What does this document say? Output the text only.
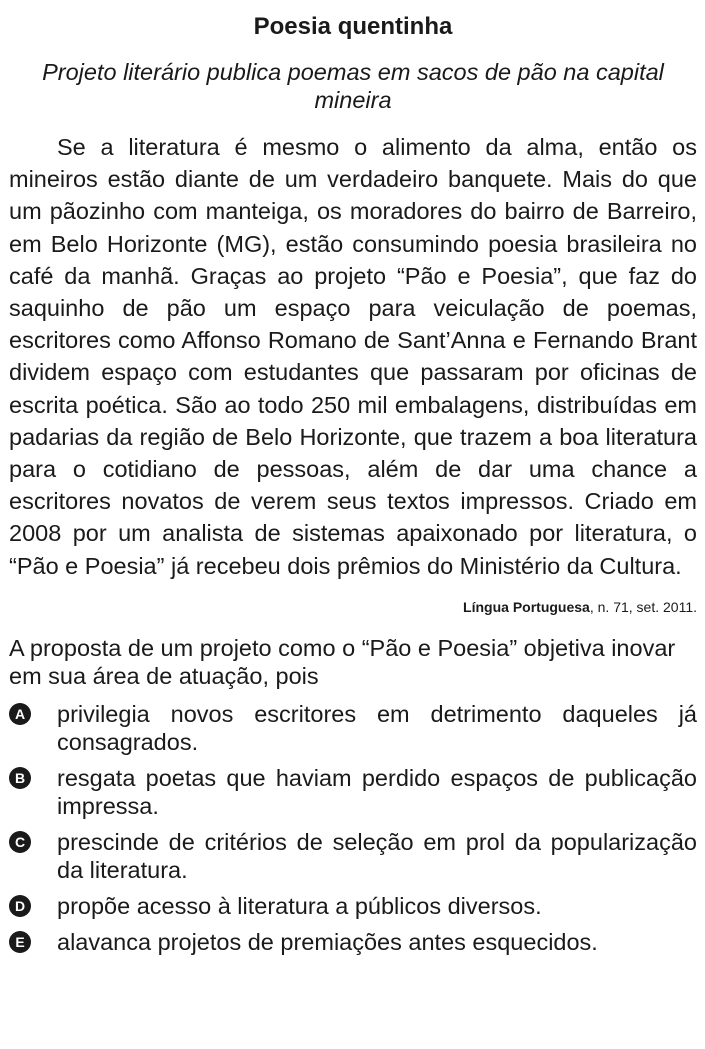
Poesia quentinha

Projeto literário publica poemas em sacos de pão na capital mineira

Se a literatura é mesmo o alimento da alma, então os mineiros estão diante de um verdadeiro banquete. Mais do que um pãozinho com manteiga, os moradores do bairro de Barreiro, em Belo Horizonte (MG), estão consumindo poesia brasileira no café da manhã. Graças ao projeto “Pão e Poesia”, que faz do saquinho de pão um espaço para veiculação de poemas, escritores como Affonso Romano de Sant’Anna e Fernando Brant dividem espaço com estudantes que passaram por oficinas de escrita poética. São ao todo 250 mil embalagens, distribuídas em padarias da região de Belo Horizonte, que trazem a boa literatura para o cotidiano de pessoas, além de dar uma chance a escritores novatos de verem seus textos impressos. Criado em 2008 por um analista de sistemas apaixonado por literatura, o “Pão e Poesia” já recebeu dois prêmios do Ministério da Cultura.

Língua Portuguesa, n. 71, set. 2011.

A proposta de um projeto como o “Pão e Poesia” objetiva inovar em sua área de atuação, pois

A privilegia novos escritores em detrimento daqueles já consagrados.
B resgata poetas que haviam perdido espaços de publicação impressa.
C prescinde de critérios de seleção em prol da popularização da literatura.
D propõe acesso à literatura a públicos diversos.
E alavanca projetos de premiações antes esquecidos.
